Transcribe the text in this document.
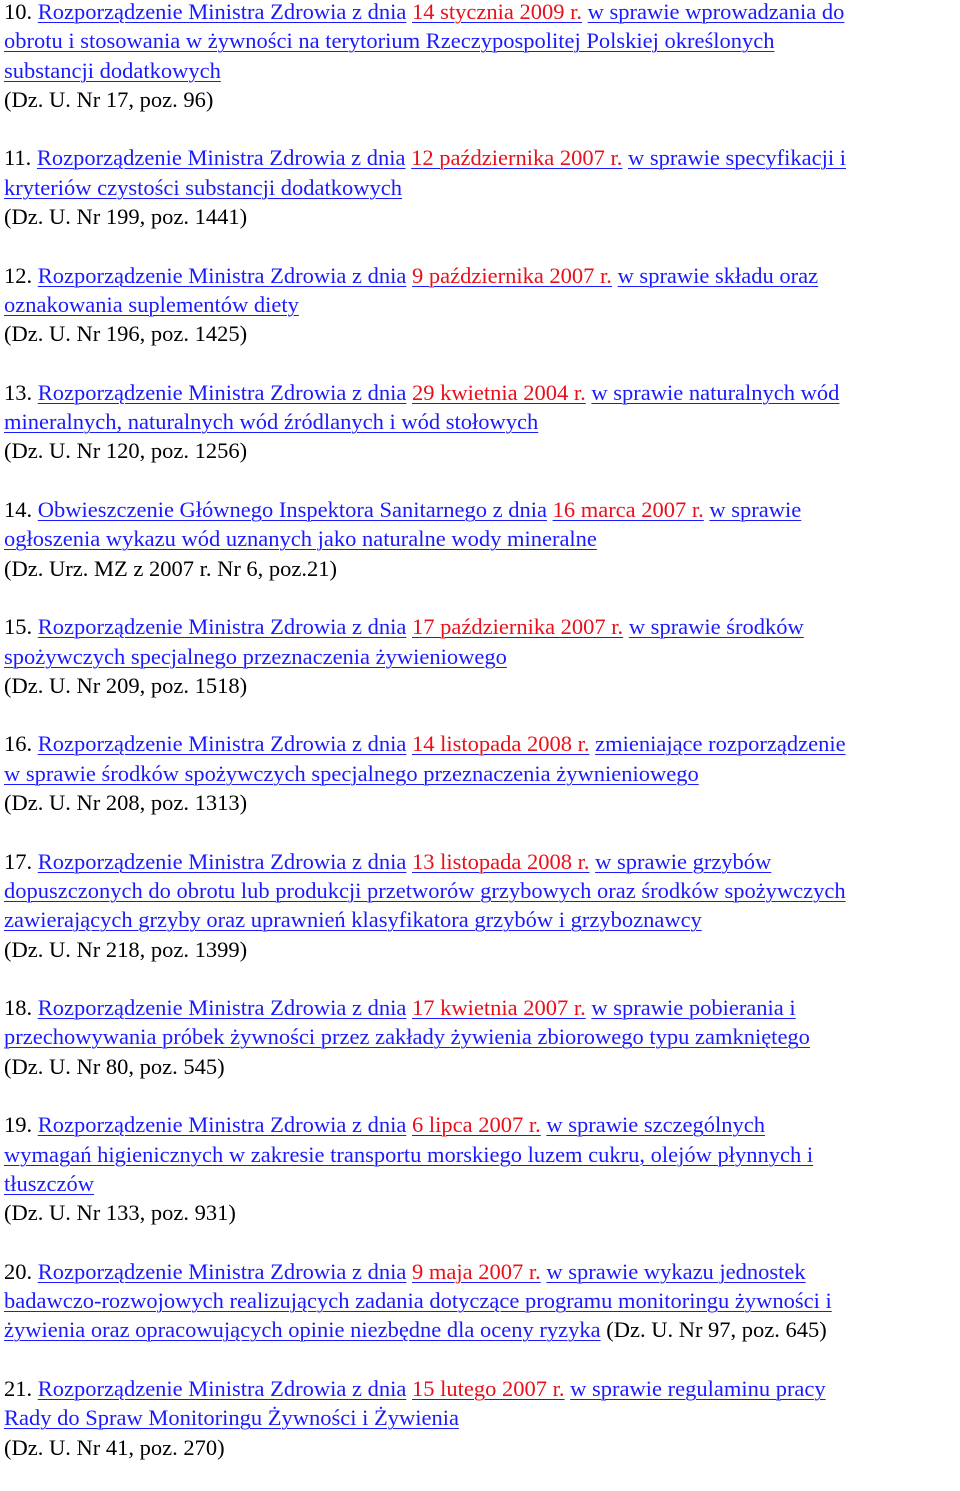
10. Rozporządzenie Ministra Zdrowia z dnia 14 stycznia 2009 r. w sprawie wprowadzania do
obrotu i stosowania w żywności na terytorium Rzeczypospolitej Polskiej określonych
substancji dodatkowych
(Dz. U. Nr 17, poz. 96)
11. Rozporządzenie Ministra Zdrowia z dnia 12 października 2007 r. w sprawie specyfikacji i
kryteriów czystości substancji dodatkowych
(Dz. U. Nr 199, poz. 1441)
12. Rozporządzenie Ministra Zdrowia z dnia 9 października 2007 r. w sprawie składu oraz
oznakowania suplementów diety
(Dz. U. Nr 196, poz. 1425)
13. Rozporządzenie Ministra Zdrowia z dnia 29 kwietnia 2004 r. w sprawie naturalnych wód
mineralnych, naturalnych wód źródlanych i wód stołowych
(Dz. U. Nr 120, poz. 1256)
14. Obwieszczenie Głównego Inspektora Sanitarnego z dnia 16 marca 2007 r. w sprawie
ogłoszenia wykazu wód uznanych jako naturalne wody mineralne
(Dz. Urz. MZ z 2007 r. Nr 6, poz.21)
15. Rozporządzenie Ministra Zdrowia z dnia 17 października 2007 r. w sprawie środków
spożywczych specjalnego przeznaczenia żywieniowego
(Dz. U. Nr 209, poz. 1518)
16. Rozporządzenie Ministra Zdrowia z dnia 14 listopada 2008 r. zmieniające rozporządzenie
w sprawie środków spożywczych specjalnego przeznaczenia żywnieniowego
(Dz. U. Nr 208, poz. 1313)
17. Rozporządzenie Ministra Zdrowia z dnia 13 listopada 2008 r. w sprawie grzybów
dopuszczonych do obrotu lub produkcji przetworów grzybowych oraz środków spożywczych
zawierających grzyby oraz uprawnień klasyfikatora grzybów i grzyboznawcy
(Dz. U. Nr 218, poz. 1399)
18. Rozporządzenie Ministra Zdrowia z dnia 17 kwietnia 2007 r. w sprawie pobierania i
przechowywania próbek żywności przez zakłady żywienia zbiorowego typu zamkniętego
(Dz. U. Nr 80, poz. 545)
19. Rozporządzenie Ministra Zdrowia z dnia 6 lipca 2007 r. w sprawie szczególnych
wymagań higienicznych w zakresie transportu morskiego luzem cukru, olejów płynnych i
tłuszczów
(Dz. U. Nr 133, poz. 931)
20. Rozporządzenie Ministra Zdrowia z dnia 9 maja 2007 r. w sprawie wykazu jednostek
badawczo-rozwojowych realizujących zadania dotyczące programu monitoringu żywności i
żywienia oraz opracowujących opinie niezbędne dla oceny ryzyka (Dz. U. Nr 97, poz. 645)
21. Rozporządzenie Ministra Zdrowia z dnia 15 lutego 2007 r. w sprawie regulaminu pracy
Rady do Spraw Monitoringu Żywności i Żywienia
(Dz. U. Nr 41, poz. 270)
